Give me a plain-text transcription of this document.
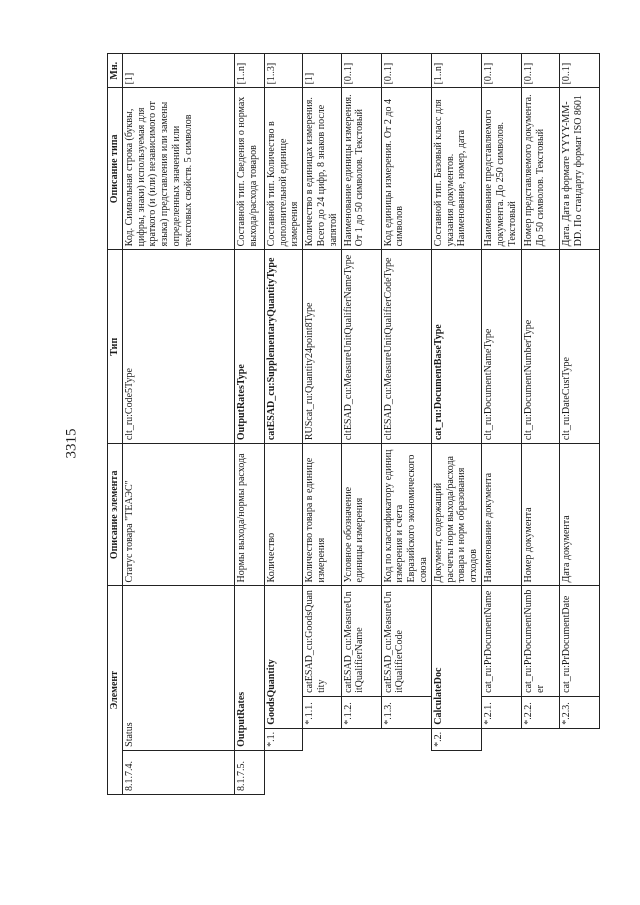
3315
Элемент				Описание элемента	Тип	Описание типа	Мн.
8.1.7.4.	Status			Статус товара "ТЕАЭС"	clt_ru:Code5Type	Код. Символьная строка (буквы, цифры, знаки) используемая для краткого (и (или) независимого от языка) представления или замены определенных значений или текстовых свойств. 5 символов	[1]
8.1.7.5.	OutputRates			Нормы выхода/нормы расхода	OutputRatesType	Составной тип. Сведения о нормах выхода/расхода товаров	[1..n]
	*.1.	GoodsQuantity		Количество	catESAD_cu:SupplementaryQuantityType	Составной тип. Количество в дополнительной единице измерения	[1..3]
		*.1.1.	catESAD_cu:GoodsQuantity	Количество товара в единице измерения	RUScat_ru:Quantity24point8Type	Количество в единицах измерения. Всего до 24 цифр, 8 знаков после запятой	[1]
		*.1.2.	catESAD_cu:MeasureUnitQualifierName	Условное обозначение единицы измерения	cltESAD_cu:MeasureUnitQualifierNameType	Наименование единицы измерения. От 1 до 50 символов. Текстовый	[0..1]
		*.1.3.	catESAD_cu:MeasureUnitQualifierCode	Код по классификатору единиц измерения и счета Евразийского экономического союза	cltESAD_cu:MeasureUnitQualifierCodeType	Код единицы измерения. От 2 до 4 символов	[0..1]
	*.2.	CalculateDoc		Документ, содержащий расчеты норм выхода/расхода товара и норм образования отходов	cat_ru:DocumentBaseType	Составной тип. Базовый класс для указания документов. Наименование, номер, дата	[1..n]
		*.2.1.	cat_ru:PrDocumentName	Наименование документа	clt_ru:DocumentNameType	Наименование представляемого документа. До 250 символов. Текстовый	[0..1]
		*.2.2.	cat_ru:PrDocumentNumber	Номер документа	clt_ru:DocumentNumberType	Номер представляемого документа. До 50 символов. Текстовый	[0..1]
		*.2.3.	cat_ru:PrDocumentDate	Дата документа	clt_ru:DateCustType	Дата. Дата в формате YYYY-MM-DD. По стандарту формат ISO 8601	[0..1]
